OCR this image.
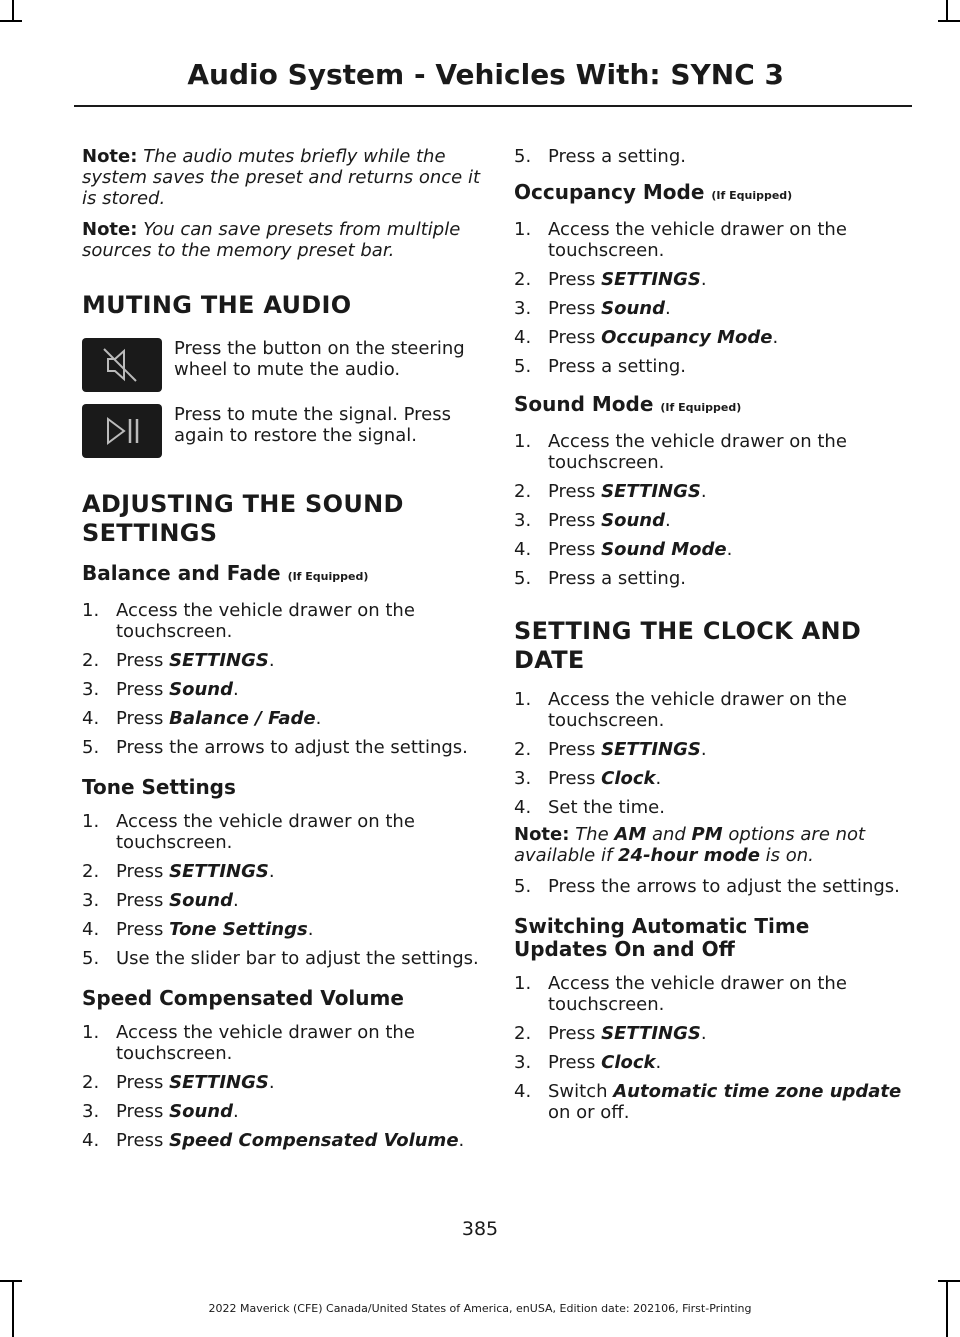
Audio System - Vehicles With: SYNC 3

Note: The audio mutes briefly while the system saves the preset and returns once it is stored.

Note: You can save presets from multiple sources to the memory preset bar.

MUTING THE AUDIO
Press the button on the steering wheel to mute the audio.
Press to mute the signal. Press again to restore the signal.
ADJUSTING THE SOUND
SETTINGS
Balance and Fade (If Equipped)
1. Access the vehicle drawer on the touchscreen.
2. Press SETTINGS.
3. Press Sound.
4. Press Balance / Fade.
5. Press the arrows to adjust the settings.
Tone Settings
1. Access the vehicle drawer on the touchscreen.
2. Press SETTINGS.
3. Press Sound.
4. Press Tone Settings.
5. Use the slider bar to adjust the settings.
Speed Compensated Volume
1. Access the vehicle drawer on the touchscreen.
2. Press SETTINGS.
3. Press Sound.
4. Press Speed Compensated Volume.
5. Press a setting.
Occupancy Mode (If Equipped)
1. Access the vehicle drawer on the touchscreen.
2. Press SETTINGS.
3. Press Sound.
4. Press Occupancy Mode.
5. Press a setting.
Sound Mode (If Equipped)
1. Access the vehicle drawer on the touchscreen.
2. Press SETTINGS.
3. Press Sound.
4. Press Sound Mode.
5. Press a setting.
SETTING THE CLOCK AND
DATE
1. Access the vehicle drawer on the touchscreen.
2. Press SETTINGS.
3. Press Clock.
4. Set the time.

Note: The AM and PM options are not available if 24-hour mode is on.

5. Press the arrows to adjust the settings.
Switching Automatic Time
Updates On and Off
1. Access the vehicle drawer on the touchscreen.
2. Press SETTINGS.
3. Press Clock.
4. Switch Automatic time zone update on or off.
385
2022 Maverick (CFE) Canada/United States of America, enUSA, Edition date: 202106, First-Printing
